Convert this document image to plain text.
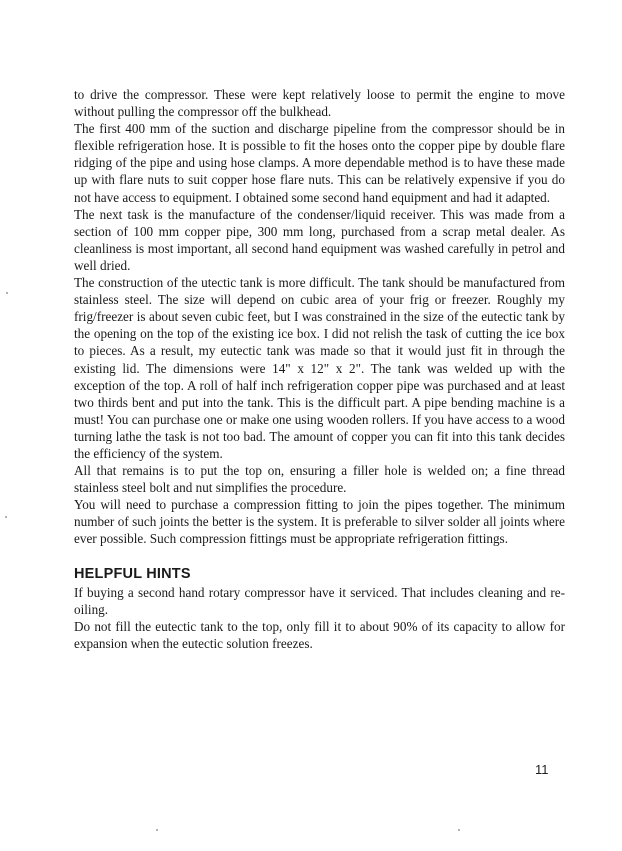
to drive the compressor. These were kept relatively loose to permit the engine to move without pulling the compressor off the bulkhead.

The first 400 mm of the suction and discharge pipeline from the compressor should be in flexible refrigeration hose. It is possible to fit the hoses onto the copper pipe by double flare ridging of the pipe and using hose clamps. A more dependable method is to have these made up with flare nuts to suit copper hose flare nuts. This can be relatively expensive if you do not have access to equipment. I obtained some second hand equipment and had it adapted.

The next task is the manufacture of the condenser/liquid receiver. This was made from a section of 100 mm copper pipe, 300 mm long, purchased from a scrap metal dealer. As cleanliness is most important, all second hand equipment was washed carefully in petrol and well dried.

The construction of the utectic tank is more difficult. The tank should be manufactured from stainless steel. The size will depend on cubic area of your frig or freezer. Roughly my frig/freezer is about seven cubic feet, but I was constrained in the size of the eutectic tank by the opening on the top of the existing ice box. I did not relish the task of cutting the ice box to pieces. As a result, my eutectic tank was made so that it would just fit in through the existing lid. The dimensions were 14" x 12" x 2". The tank was welded up with the exception of the top. A roll of half inch refrigeration copper pipe was purchased and at least two thirds bent and put into the tank. This is the difficult part. A pipe bending machine is a must! You can purchase one or make one using wooden rollers. If you have access to a wood turning lathe the task is not too bad. The amount of copper you can fit into this tank decides the efficiency of the system.

All that remains is to put the top on, ensuring a filler hole is welded on; a fine thread stainless steel bolt and nut simplifies the procedure.

You will need to purchase a compression fitting to join the pipes together. The minimum number of such joints the better is the system. It is preferable to silver solder all joints where ever possible. Such compression fittings must be appropriate refrigeration fittings.

HELPFUL HINTS

If buying a second hand rotary compressor have it serviced. That includes cleaning and re-oiling.

Do not fill the eutectic tank to the top, only fill it to about 90% of its capacity to allow for expansion when the eutectic solution freezes.

11
